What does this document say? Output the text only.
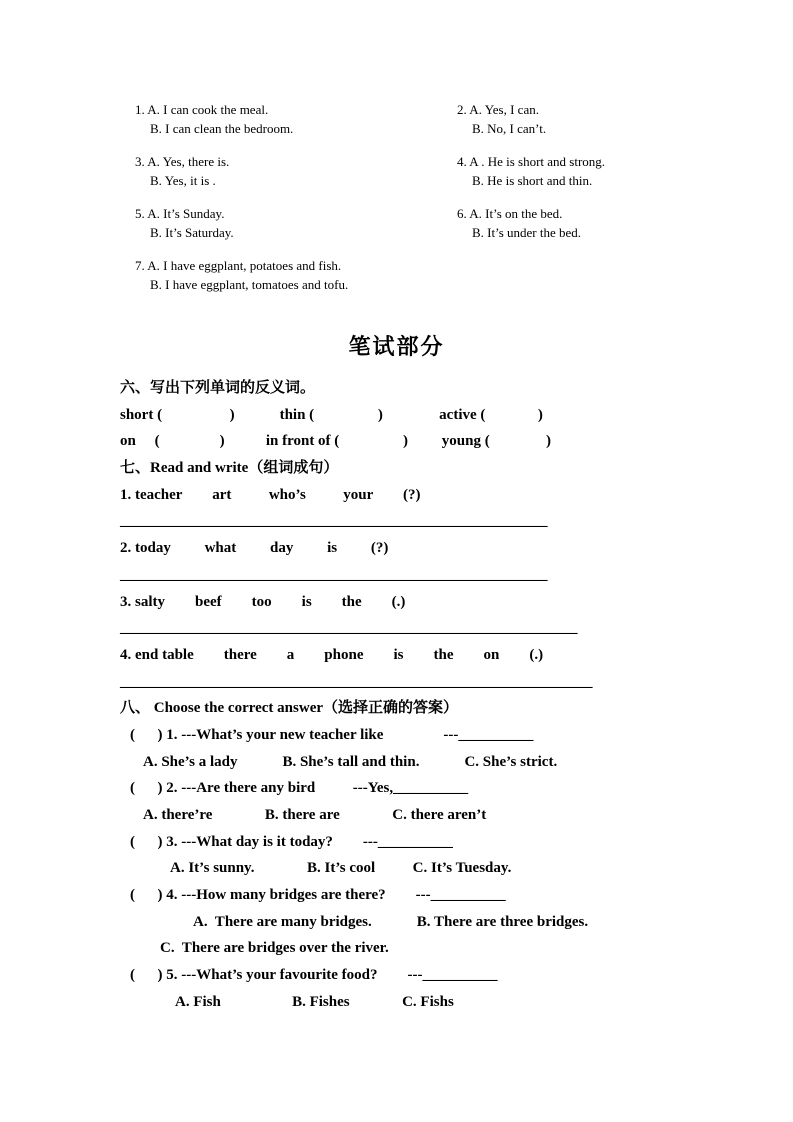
1. A. I can cook the meal.
B. I can clean the bedroom.
2. A. Yes, I can.
B. No, I can’t.
3. A. Yes, there is.
B. Yes, it is .
4. A . He is short and strong.
B. He is short and thin.
5. A. It’s Sunday.
B. It’s Saturday.
6. A. It’s on the bed.
B. It’s under the bed.
7. A. I have eggplant, potatoes and fish.
B. I have eggplant, tomatoes and tofu.
笔试部分
六、写出下列单词的反义词。
short (                  )            thin (                 )               active (              )
on     (                )           in front of (                 )         young (               )
七、Read and write（组词成句）
1. teacher        art          who’s          your        (?)
_________________________________________________________
2. today         what         day         is         (?)
_________________________________________________________
3. salty        beef        too        is        the        (.)
_____________________________________________________________
4. end table        there        a        phone        is        the        on        (.)
_______________________________________________________________
八、 Choose the correct answer（选择正确的答案）
(      ) 1. ---What’s your new teacher like                ---__________
A. She’s a lady            B. She’s tall and thin.            C. She’s strict.
(      ) 2. ---Are there any bird          ---Yes,__________
A. there’re              B. there are              C. there aren’t
(      ) 3. ---What day is it today?        ---__________
A. It’s sunny.              B. It’s cool          C. It’s Tuesday.
(      ) 4. ---How many bridges are there?        ---__________
A.  There are many bridges.            B. There are three bridges.
C.  There are bridges over the river.
(      ) 5. ---What’s your favourite food?        ---__________
A. Fish                   B. Fishes              C. Fishs
